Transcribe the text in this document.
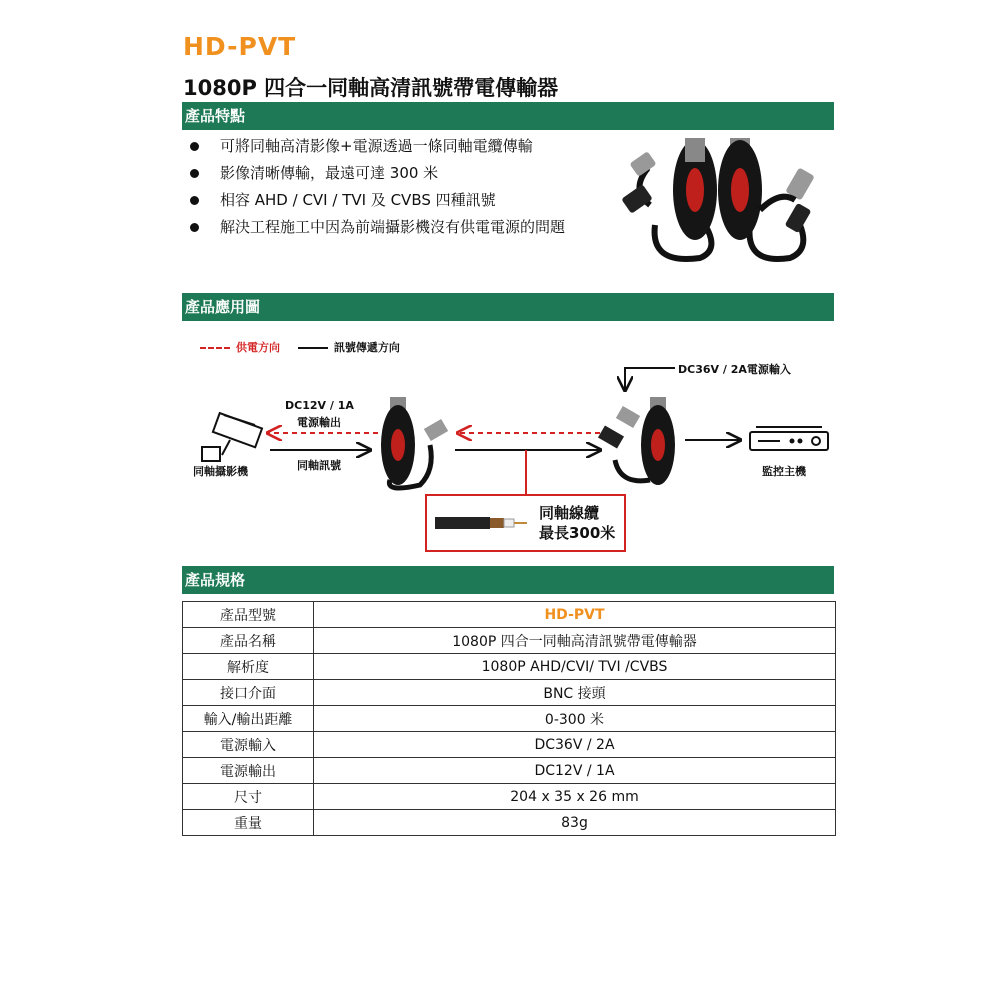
HD-PVT
1080P 四合一同軸高清訊號帶電傳輸器
產品特點
可將同軸高清影像+電源透過一條同軸電纜傳輸
影像清晰傳輸，最遠可達 300 米
相容 AHD / CVI / TVI 及 CVBS 四種訊號
解決工程施工中因為前端攝影機沒有供電電源的問題
產品應用圖
供電方向	訊號傳遞方向
同軸攝影機
DC12V / 1A
電源輸出
同軸訊號
DC36V / 2A電源輸入
監控主機
同軸線纜
最長300米
產品規格
產品型號	HD-PVT
產品名稱	1080P 四合一同軸高清訊號帶電傳輸器
解析度	1080P AHD/CVI/ TVI /CVBS
接口介面	BNC 接頭
輸入/輸出距離	0-300 米
電源輸入	DC36V / 2A
電源輸出	DC12V / 1A
尺寸	204 x 35 x 26 mm
重量	83g
